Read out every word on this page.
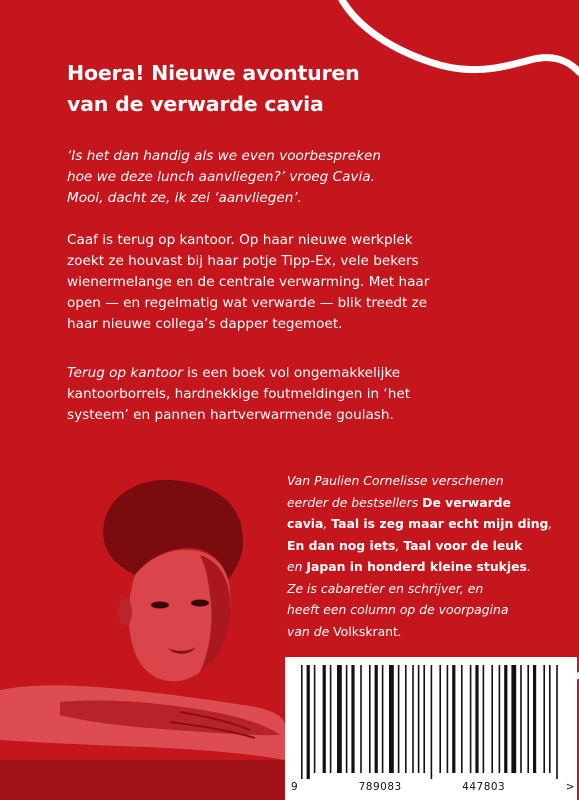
Hoera! Nieuwe avonturen
van de verwarde cavia
‘Is het dan handig als we even voorbespreken
hoe we deze lunch aanvliegen?’ vroeg Cavia.
Mooi, dacht ze, ik zei ‘aanvliegen’.
Caaf is terug op kantoor. Op haar nieuwe werkplek
zoekt ze houvast bij haar potje Tipp-Ex, vele bekers
wienermelange en de centrale verwarming. Met haar
open — en regelmatig wat verwarde — blik treedt ze
haar nieuwe collega’s dapper tegemoet.
Terug op kantoor is een boek vol ongemakkelijke
kantoorborrels, hardnekkige foutmeldingen in ‘het
systeem’ en pannen hartverwarmende goulash.
Van Paulien Cornelisse verschenen
eerder de bestsellers De verwarde
cavia, Taal is zeg maar echt mijn ding,
En dan nog iets, Taal voor de leuk
en Japan in honderd kleine stukjes.
Ze is cabaretier en schrijver, en
heeft een column op de voorpagina
van de Volkskrant.
9	789083	447803	>
